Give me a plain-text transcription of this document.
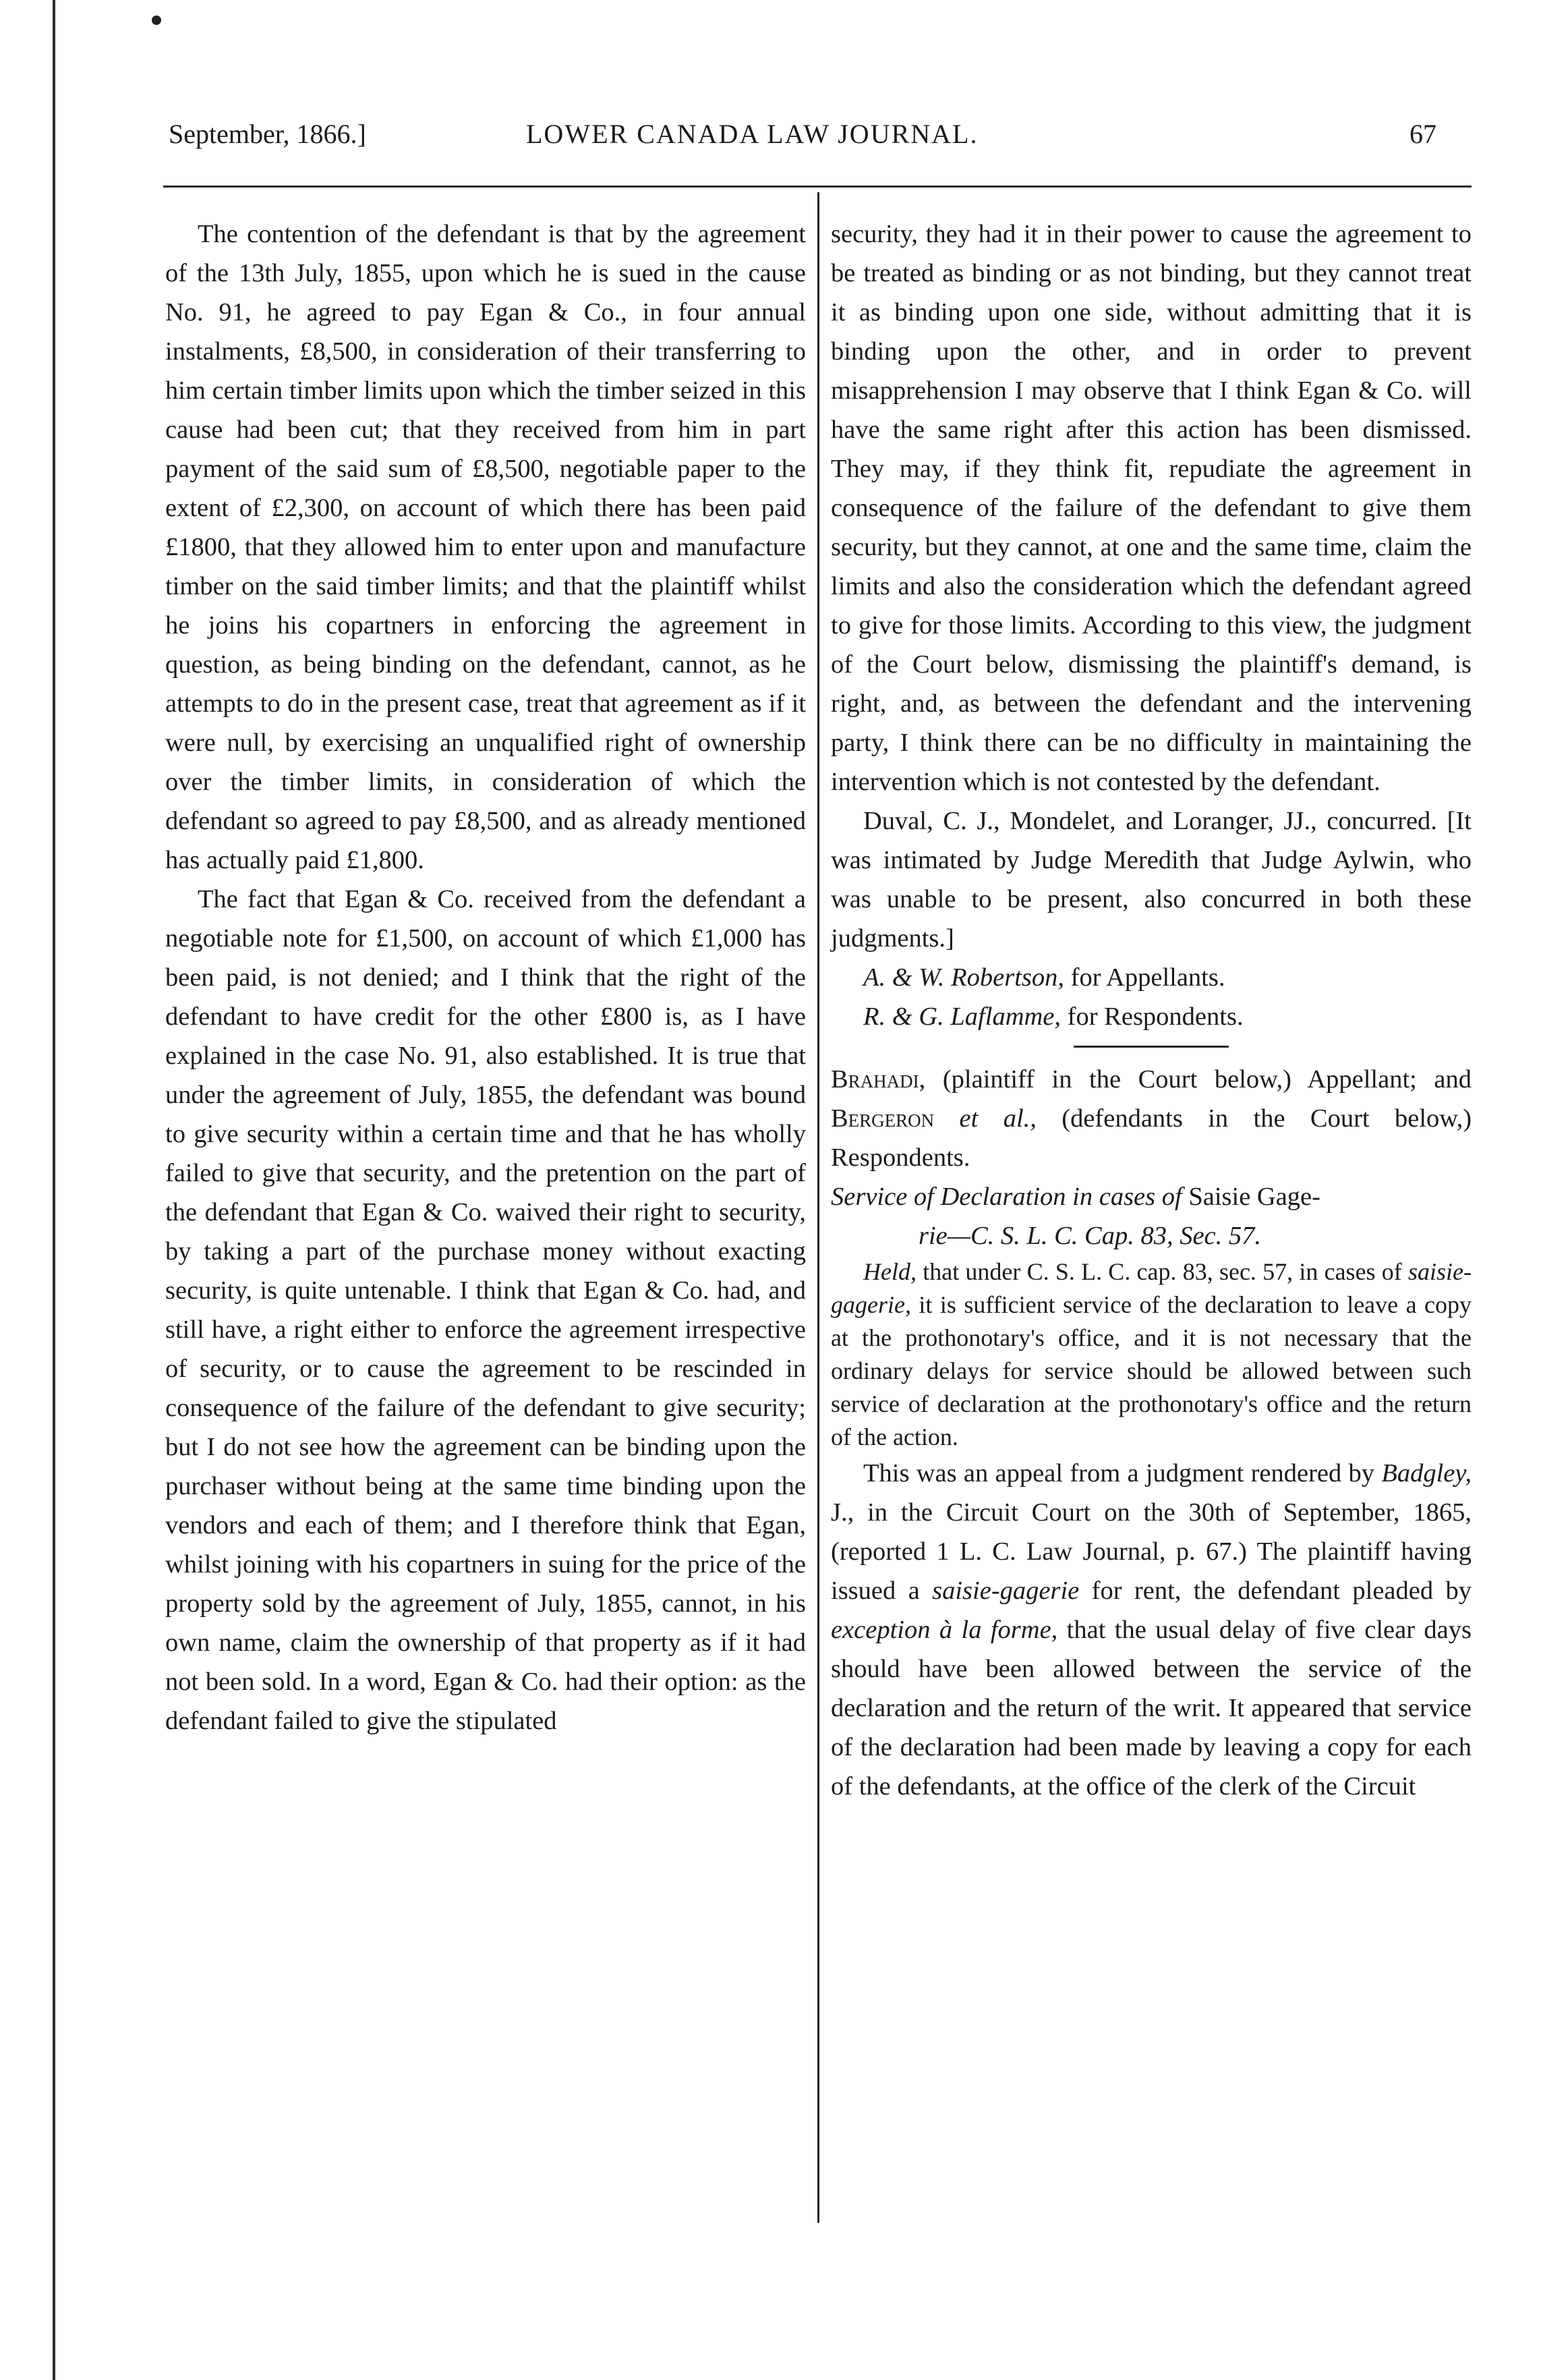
September, 1866.]	LOWER CANADA LAW JOURNAL.	67

The contention of the defendant is that by the agreement of the 13th July, 1855, upon which he is sued in the cause No. 91, he agreed to pay Egan & Co., in four annual instalments, £8,500, in consideration of their transferring to him certain timber limits upon which the timber seized in this cause had been cut; that they received from him in part payment of the said sum of £8,500, negotiable paper to the extent of £2,300, on account of which there has been paid £1800, that they allowed him to enter upon and manufacture timber on the said timber limits; and that the plaintiff whilst he joins his copartners in enforcing the agreement in question, as being binding on the defendant, cannot, as he attempts to do in the present case, treat that agreement as if it were null, by exercising an unqualified right of ownership over the timber limits, in consideration of which the defendant so agreed to pay £8,500, and as already mentioned has actually paid £1,800.

The fact that Egan & Co. received from the defendant a negotiable note for £1,500, on account of which £1,000 has been paid, is not denied; and I think that the right of the defendant to have credit for the other £800 is, as I have explained in the case No. 91, also established. It is true that under the agreement of July, 1855, the defendant was bound to give security within a certain time and that he has wholly failed to give that security, and the pretention on the part of the defendant that Egan & Co. waived their right to security, by taking a part of the purchase money without exacting security, is quite untenable. I think that Egan & Co. had, and still have, a right either to enforce the agreement irrespective of security, or to cause the agreement to be rescinded in consequence of the failure of the defendant to give security; but I do not see how the agreement can be binding upon the purchaser without being at the same time binding upon the vendors and each of them; and I therefore think that Egan, whilst joining with his copartners in suing for the price of the property sold by the agreement of July, 1855, cannot, in his own name, claim the ownership of that property as if it had not been sold. In a word, Egan & Co. had their option: as the defendant failed to give the stipulated

security, they had it in their power to cause the agreement to be treated as binding or as not binding, but they cannot treat it as binding upon one side, without admitting that it is binding upon the other, and in order to prevent misapprehension I may observe that I think Egan & Co. will have the same right after this action has been dismissed. They may, if they think fit, repudiate the agreement in consequence of the failure of the defendant to give them security, but they cannot, at one and the same time, claim the limits and also the consideration which the defendant agreed to give for those limits. According to this view, the judgment of the Court below, dismissing the plaintiff's demand, is right, and, as between the defendant and the intervening party, I think there can be no difficulty in maintaining the intervention which is not contested by the defendant.

Duval, C. J., Mondelet, and Loranger, JJ., concurred. [It was intimated by Judge Meredith that Judge Aylwin, who was unable to be present, also concurred in both these judgments.]

A. & W. Robertson, for Appellants.

R. & G. Laflamme, for Respondents.

Brahadi, (plaintiff in the Court below,) Appellant; and Bergeron et al., (defendants in the Court below,) Respondents.

Service of Declaration in cases of Saisie Gage-
rie—C. S. L. C. Cap. 83, Sec. 57.

Held, that under C. S. L. C. cap. 83, sec. 57, in cases of saisie-gagerie, it is sufficient service of the declaration to leave a copy at the prothonotary's office, and it is not necessary that the ordinary delays for service should be allowed between such service of declaration at the prothonotary's office and the return of the action.

This was an appeal from a judgment rendered by Badgley, J., in the Circuit Court on the 30th of September, 1865, (reported 1 L. C. Law Journal, p. 67.) The plaintiff having issued a saisie-gagerie for rent, the defendant pleaded by exception à la forme, that the usual delay of five clear days should have been allowed between the service of the declaration and the return of the writ. It appeared that service of the declaration had been made by leaving a copy for each of the defendants, at the office of the clerk of the Circuit
